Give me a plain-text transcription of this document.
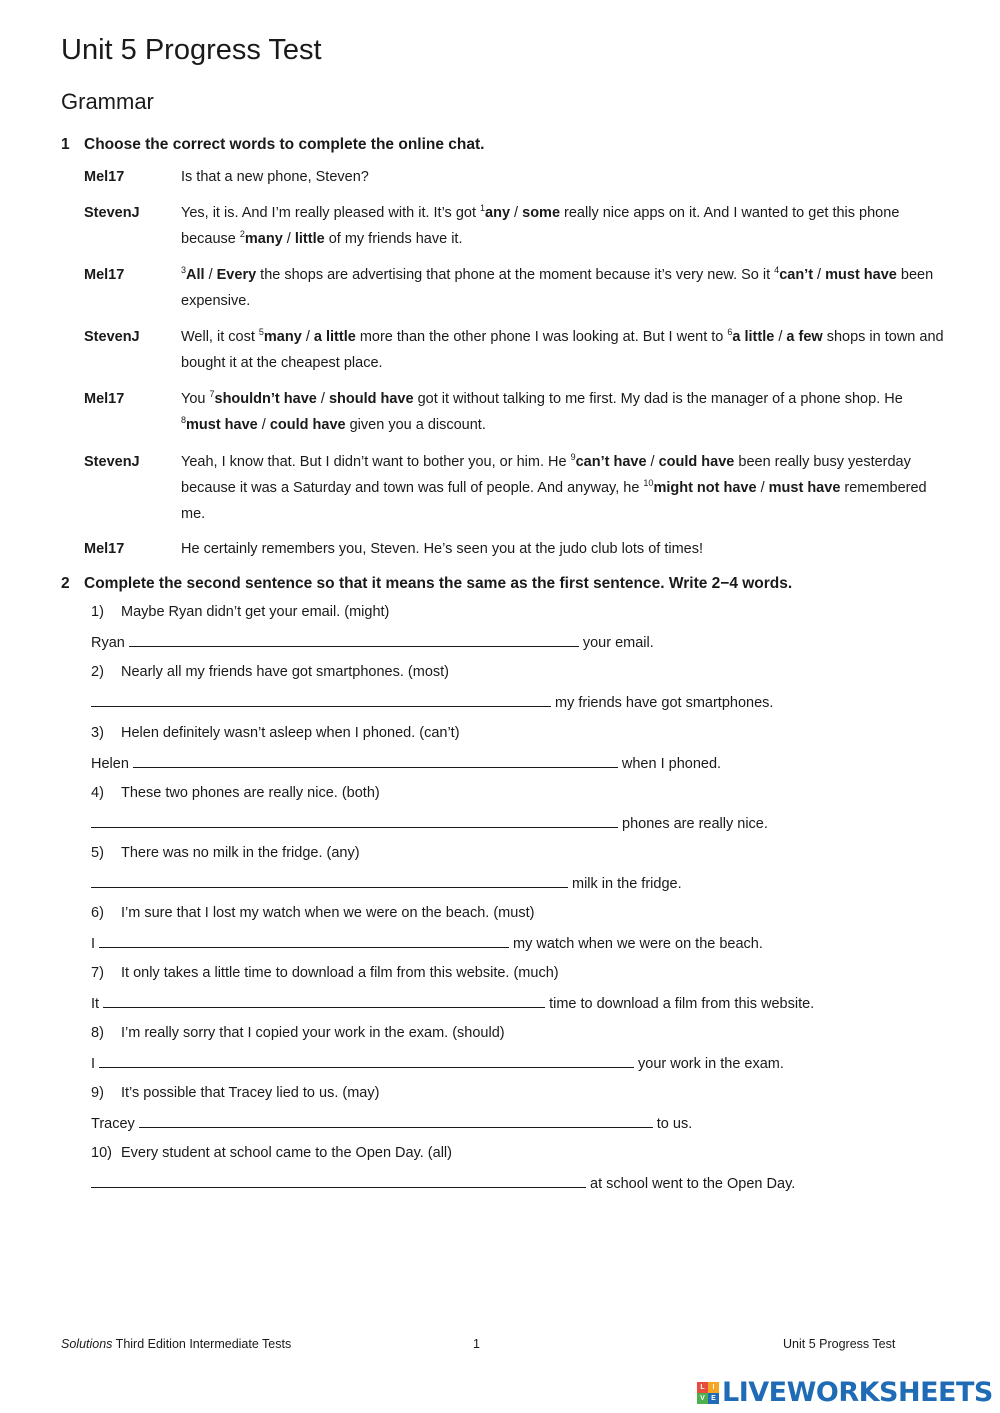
Unit 5 Progress Test
Grammar
1 Choose the correct words to complete the online chat.
Mel17	Is that a new phone, Steven?
StevenJ	Yes, it is. And I’m really pleased with it. It’s got $^1$any / some really nice apps on it. And I wanted to get this phone because $^2$many / little of my friends have it.
Mel17	$^3$All / Every the shops are advertising that phone at the moment because it’s very new. So it $^4$can’t / must have been expensive.
StevenJ	Well, it cost $^5$many / a little more than the other phone I was looking at. But I went to $^6$a little / a few shops in town and bought it at the cheapest place.
Mel17	You $^7$shouldn’t have / should have got it without talking to me first. My dad is the manager of a phone shop. He $^8$must have / could have given you a discount.
StevenJ	Yeah, I know that. But I didn’t want to bother you, or him. He $^9$can’t have / could have been really busy yesterday because it was a Saturday and town was full of people. And anyway, he $^{10}$might not have / must have remembered me.
Mel17	He certainly remembers you, Steven. He’s seen you at the judo club lots of times!
2 Complete the second sentence so that it means the same as the first sentence. Write 2−4 words.
1) Maybe Ryan didn’t get your email. (might)
Ryan	your email.
2) Nearly all my friends have got smartphones. (most)
my friends have got smartphones.
3) Helen definitely wasn’t asleep when I phoned. (can’t)
Helen	when I phoned.
4) These two phones are really nice. (both)
phones are really nice.
5) There was no milk in the fridge. (any)
milk in the fridge.
6) I’m sure that I lost my watch when we were on the beach. (must)
I	my watch when we were on the beach.
7) It only takes a little time to download a film from this website. (much)
It	time to download a film from this website.
8) I’m really sorry that I copied your work in the exam. (should)
I	your work in the exam.
9) It’s possible that Tracey lied to us. (may)
Tracey	to us.
10) Every student at school came to the Open Day. (all)
at school went to the Open Day.
Solutions Third Edition Intermediate Tests	1	Unit 5 Progress Test
L	I
V E LIVEWORKSHEETS
